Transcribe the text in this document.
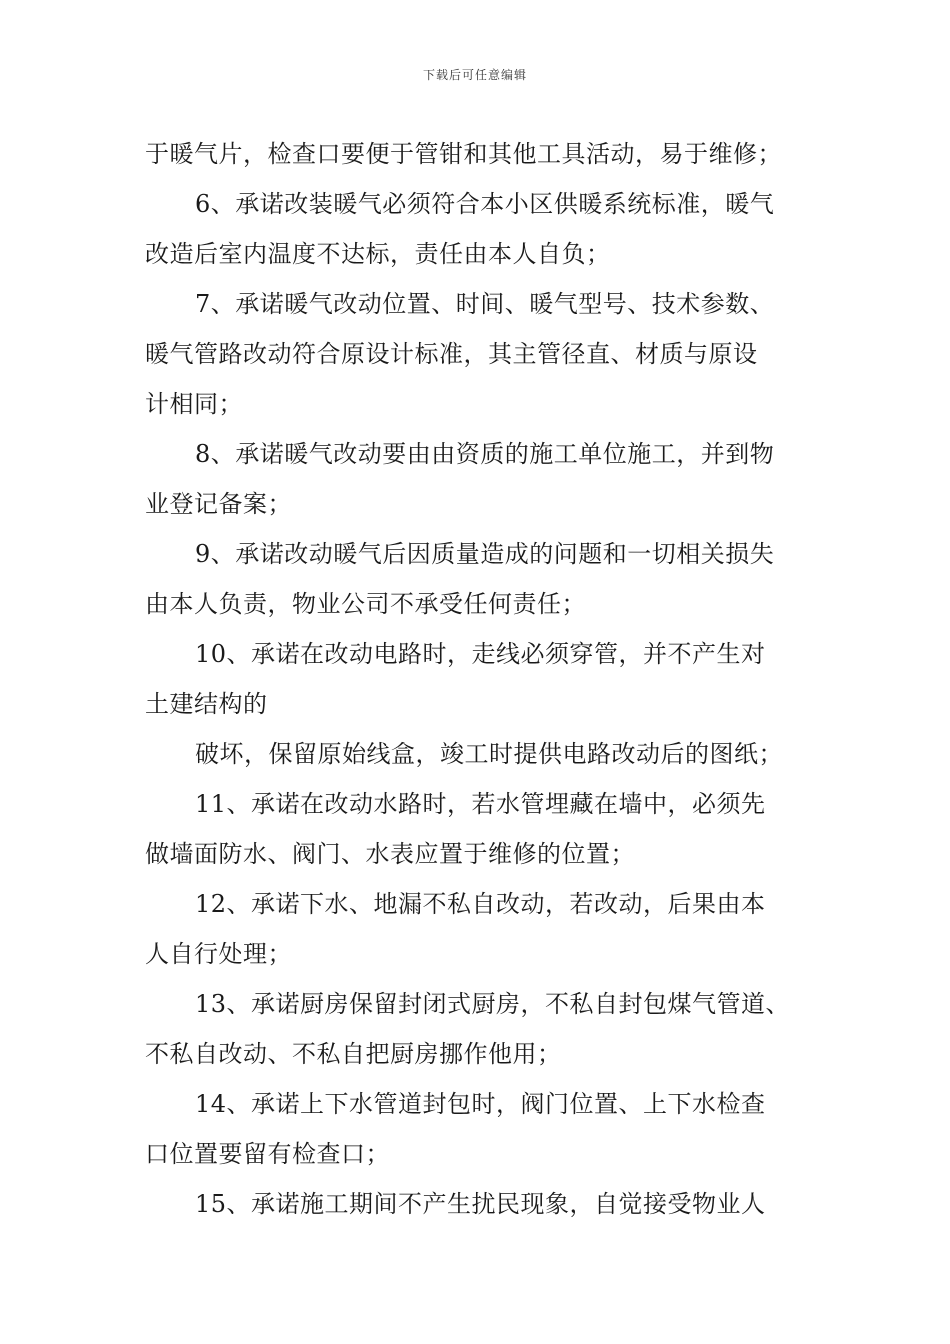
下载后可任意编辑
于暖气片，检查口要便于管钳和其他工具活动，易于维修；
6、承诺改装暖气必须符合本小区供暖系统标准，暖气
改造后室内温度不达标，责任由本人自负；
7、承诺暖气改动位置、时间、暖气型号、技术参数、
暖气管路改动符合原设计标准，其主管径直、材质与原设
计相同；
8、承诺暖气改动要由由资质的施工单位施工，并到物
业登记备案；
9、承诺改动暖气后因质量造成的问题和一切相关损失
由本人负责，物业公司不承受任何责任；
10、承诺在改动电路时，走线必须穿管，并不产生对
土建结构的
破坏，保留原始线盒，竣工时提供电路改动后的图纸；
11、承诺在改动水路时，若水管埋藏在墙中，必须先
做墙面防水、阀门、水表应置于维修的位置；
12、承诺下水、地漏不私自改动，若改动，后果由本
人自行处理；
13、承诺厨房保留封闭式厨房，不私自封包煤气管道、
不私自改动、不私自把厨房挪作他用；
14、承诺上下水管道封包时，阀门位置、上下水检查
口位置要留有检查口；
15、承诺施工期间不产生扰民现象，自觉接受物业人
